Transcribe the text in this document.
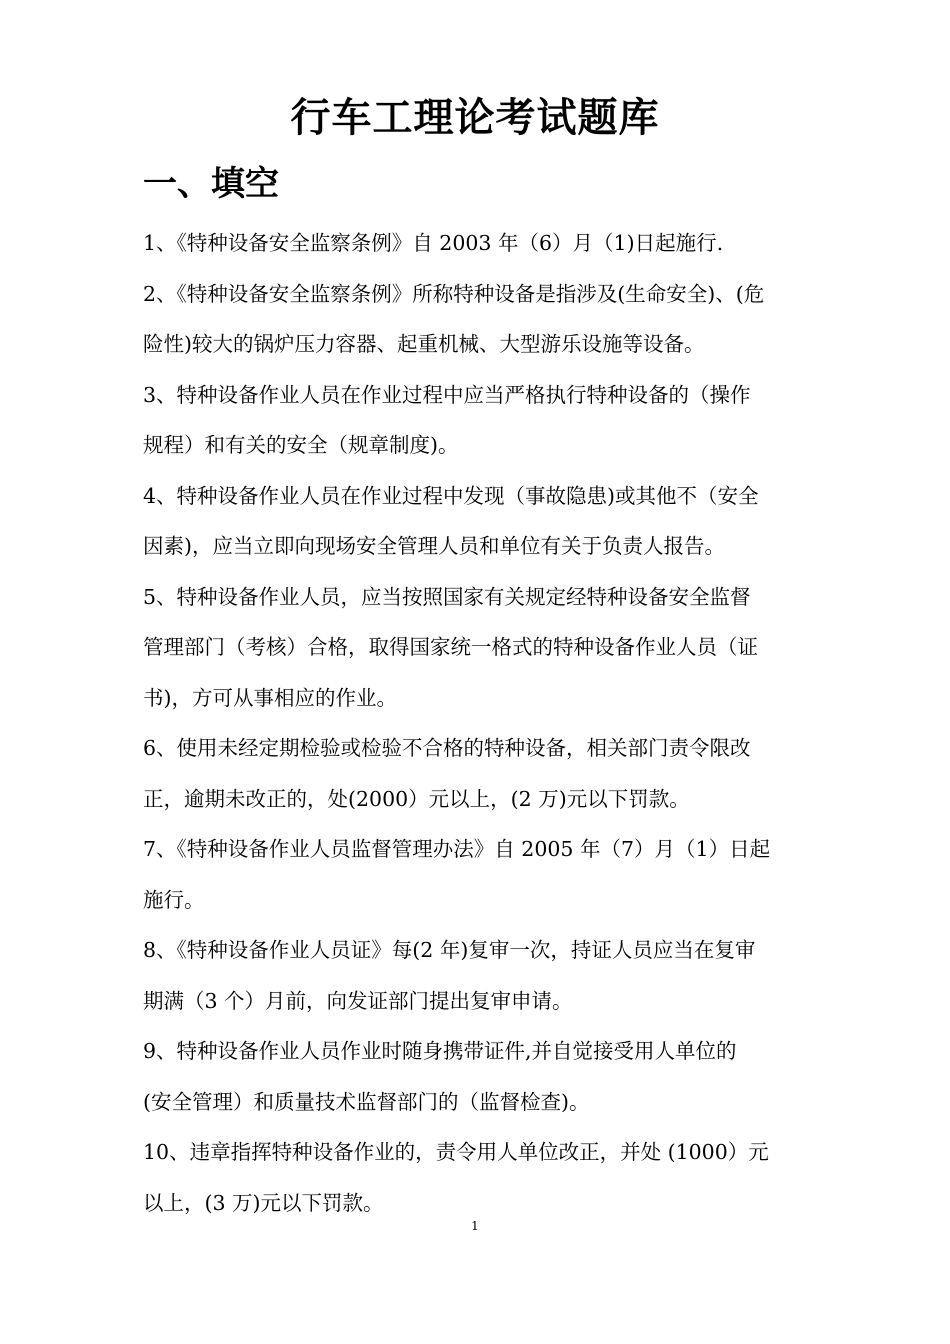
行车工理论考试题库
一、填空
1、《特种设备安全监察条例》自 2003 年（6）月（1)日起施行.
2、《特种设备安全监察条例》所称特种设备是指涉及(生命安全)、(危
险性)较大的锅炉压力容器、起重机械、大型游乐设施等设备。
3、特种设备作业人员在作业过程中应当严格执行特种设备的（操作
规程）和有关的安全（规章制度)。
4、特种设备作业人员在作业过程中发现（事故隐患)或其他不（安全
因素)，应当立即向现场安全管理人员和单位有关于负责人报告。
5、特种设备作业人员，应当按照国家有关规定经特种设备安全监督
管理部门（考核）合格，取得国家统一格式的特种设备作业人员（证
书)，方可从事相应的作业。
6、使用未经定期检验或检验不合格的特种设备，相关部门责令限改
正，逾期未改正的，处(2000）元以上，(2 万)元以下罚款。
7、《特种设备作业人员监督管理办法》自 2005 年（7）月（1）日起
施行。
8、《特种设备作业人员证》每(2 年)复审一次，持证人员应当在复审
期满（3 个）月前，向发证部门提出复审申请。
9、特种设备作业人员作业时随身携带证件,并自觉接受用人单位的
(安全管理）和质量技术监督部门的（监督检查)。
10、违章指挥特种设备作业的，责令用人单位改正，并处 (1000）元
以上，(3 万)元以下罚款。
1
